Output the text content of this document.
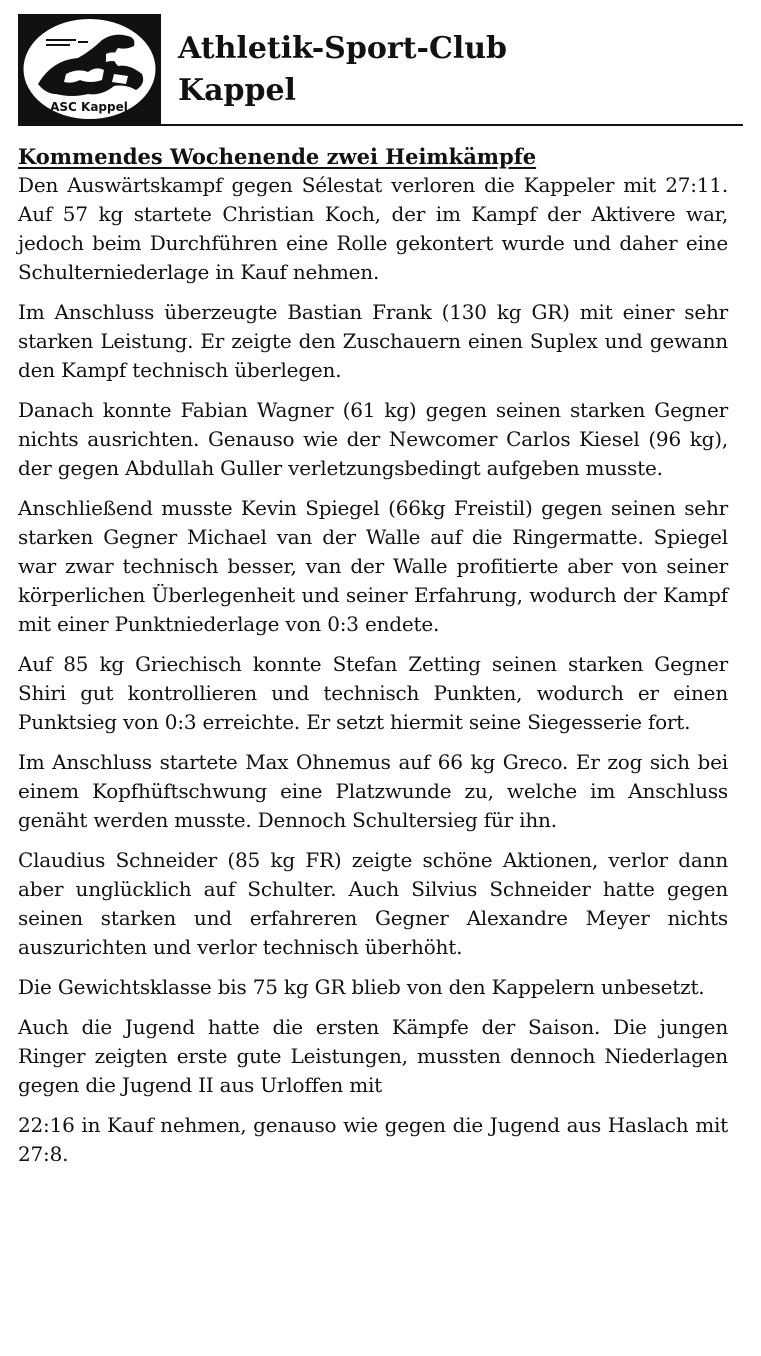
ASC Kappel
Athletik-Sport-Club
Kappel
Kommendes Wochenende zwei Heimkämpfe

Den Auswärtskampf gegen Sélestat verloren die Kappeler mit 27:11. Auf 57 kg startete Christian Koch, der im Kampf der Aktivere war, jedoch beim Durchführen eine Rolle gekontert wurde und daher eine Schulterniederlage in Kauf nehmen.

Im Anschluss überzeugte Bastian Frank (130 kg GR) mit einer sehr starken Leistung. Er zeigte den Zuschauern einen Suplex und gewann den Kampf technisch überlegen.

Danach konnte Fabian Wagner (61 kg) gegen seinen starken Gegner nichts ausrichten. Genauso wie der Newcomer Carlos Kiesel (96 kg), der gegen Abdullah Guller verletzungsbedingt aufgeben musste.

Anschließend musste Kevin Spiegel (66kg Freistil) gegen seinen sehr starken Gegner Michael van der Walle auf die Ringermatte. Spiegel war zwar technisch besser, van der Walle profitierte aber von seiner körperlichen Überlegenheit und seiner Erfahrung, wodurch der Kampf mit einer Punktniederlage von 0:3 endete.

Auf 85 kg Griechisch konnte Stefan Zetting seinen starken Gegner Shiri gut kontrollieren und technisch Punkten, wodurch er einen Punktsieg von 0:3 erreichte. Er setzt hiermit seine Siegesserie fort.

Im Anschluss startete Max Ohnemus auf 66 kg Greco. Er zog sich bei einem Kopfhüftschwung eine Platzwunde zu, welche im Anschluss genäht werden musste. Dennoch Schultersieg für ihn.

Claudius Schneider (85 kg FR) zeigte schöne Aktionen, verlor dann aber unglücklich auf Schulter. Auch Silvius Schneider hatte gegen seinen starken und erfahreren Gegner Alexandre Meyer nichts auszurichten und verlor technisch überhöht.

Die Gewichtsklasse bis 75 kg GR blieb von den Kappelern unbesetzt.

Auch die Jugend hatte die ersten Kämpfe der Saison. Die jungen Ringer zeigten erste gute Leistungen, mussten dennoch Niederlagen gegen die Jugend II aus Urloffen mit

22:16 in Kauf nehmen, genauso wie gegen die Jugend aus Haslach mit 27:8.
